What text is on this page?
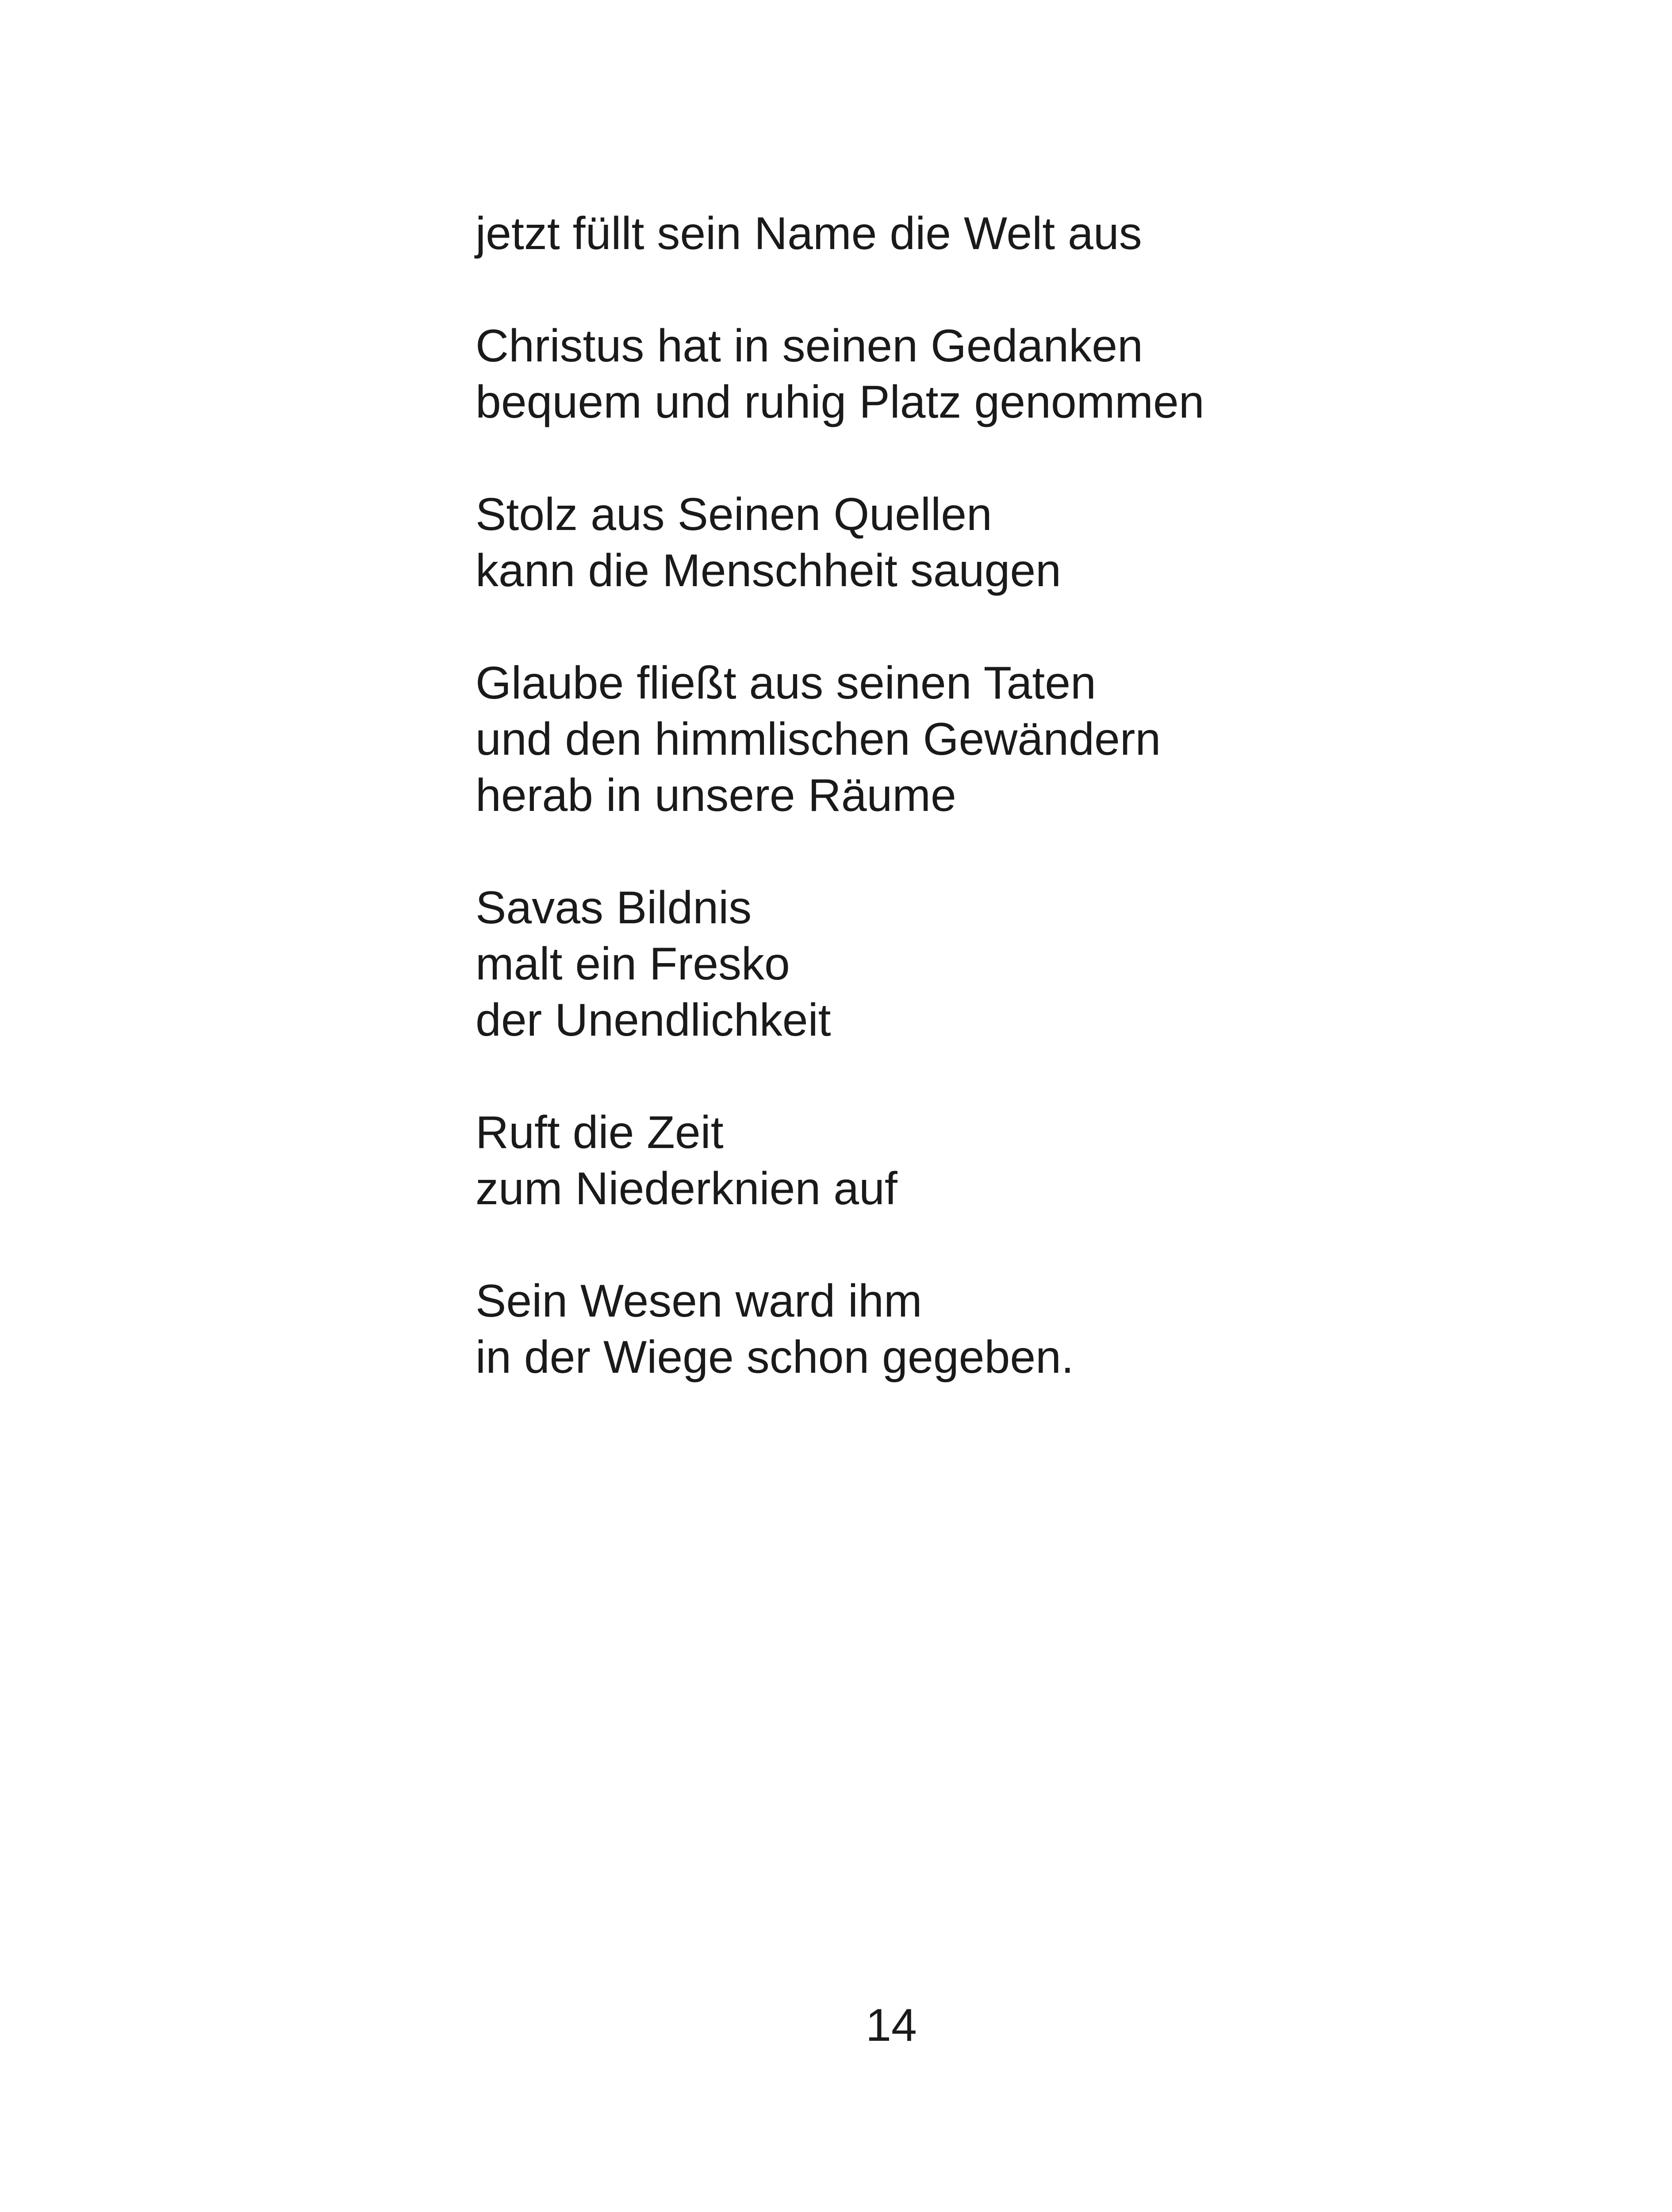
jetzt füllt sein Name die Welt aus
Christus hat in seinen Gedanken
bequem und ruhig Platz genommen
Stolz aus Seinen Quellen
kann die Menschheit saugen
Glaube fließt aus seinen Taten
und den himmlischen Gewändern
herab in unsere Räume
Savas Bildnis
malt ein Fresko
der Unendlichkeit
Ruft die Zeit
zum Niederknien auf
Sein Wesen ward ihm
in der Wiege schon gegeben.
14
